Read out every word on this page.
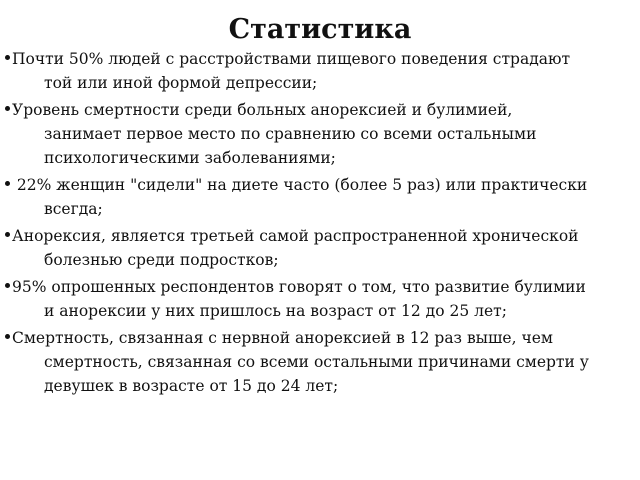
Статистика
Почти 50% людей с расстройствами пищевого поведения страдают той или иной формой депрессии;
Уровень смертности среди больных анорексией и булимией, занимает первое место по сравнению со всеми остальными психологическими заболеваниями;
22% женщин "сидели" на диете часто (более 5 раз) или практически всегда;
Анорексия, является третьей самой распространенной хронической болезнью среди подростков;
95% опрошенных респондентов говорят о том, что развитие булимии и анорексии у них пришлось на возраст от 12 до 25 лет;
Смертность, связанная с нервной анорексией в 12 раз выше, чем смертность, связанная со всеми остальными причинами смерти у девушек в возрасте от 15 до 24 лет;
